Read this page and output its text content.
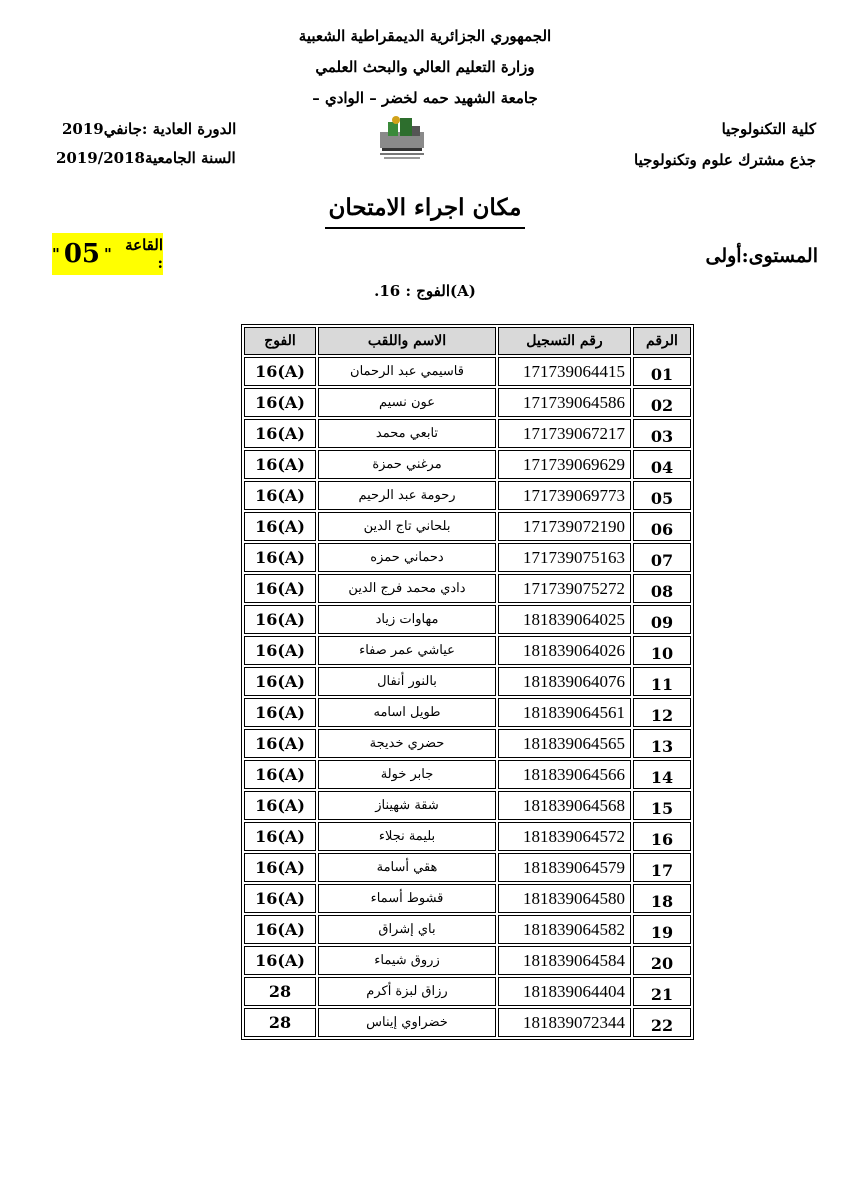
الجمهوري الجزائرية الديمقراطية الشعبية
وزارة التعليم العالي والبحث العلمي
جامعة الشهيد حمه لخضر – الوادي –
كلية التكنولوجيا
جذع مشترك علوم وتكنولوجيا
الدورة العادية :جانفي2019
السنة الجامعية2019/2018
مكان اجراء الامتحان
المستوى:أولى
القاعة :
"
05
"
.الفوج : 16(A)
الرقم	رقم التسجيل	الاسم واللقب	الفوج
01	171739064415	قاسيمي عبد الرحمان	16(A)
02	171739064586	عون نسيم	16(A)
03	171739067217	تابعي محمد	16(A)
04	171739069629	مرغني حمزة	16(A)
05	171739069773	رحومة عبد الرحيم	16(A)
06	171739072190	بلحاني تاج الدين	16(A)
07	171739075163	دحماني حمزه	16(A)
08	171739075272	دادي محمد فرج الدين	16(A)
09	181839064025	مهاوات زياد	16(A)
10	181839064026	عياشي عمر صفاء	16(A)
11	181839064076	بالنور أنفال	16(A)
12	181839064561	طويل اسامه	16(A)
13	181839064565	حضري خديجة	16(A)
14	181839064566	جابر خولة	16(A)
15	181839064568	شقة شهيناز	16(A)
16	181839064572	بليمة نجلاء	16(A)
17	181839064579	هقي أسامة	16(A)
18	181839064580	قشوط أسماء	16(A)
19	181839064582	باي إشراق	16(A)
20	181839064584	زروق شيماء	16(A)
21	181839064404	رزاق لبزة أكرم	28
22	181839072344	خضراوي إيناس	28
